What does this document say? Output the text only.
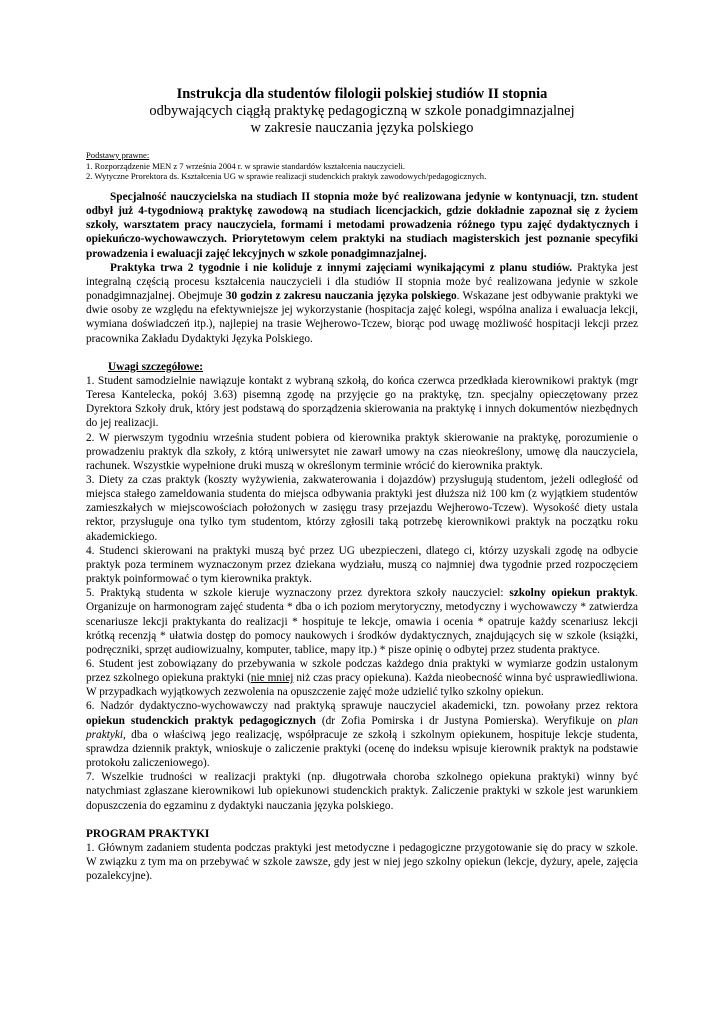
Instrukcja dla studentów filologii polskiej studiów II stopnia
odbywających ciągłą praktykę pedagogiczną w szkole ponadgimnazjalnej
w zakresie nauczania języka polskiego
Podstawy prawne:
1. Rozporządzenie MEN z 7 września 2004 r. w sprawie standardów kształcenia nauczycieli.
2. Wytyczne Prorektora ds. Kształcenia UG w sprawie realizacji studenckich praktyk zawodowych/pedagogicznych.

Specjalność nauczycielska na studiach II stopnia może być realizowana jedynie w kontynuacji, tzn. student odbył już 4-tygodniową praktykę zawodową na studiach licencjackich, gdzie dokładnie zapoznał się z życiem szkoły, warsztatem pracy nauczyciela, formami i metodami prowadzenia różnego typu zajęć dydaktycznych i opiekuńczo-wychowawczych. Priorytetowym celem praktyki na studiach magisterskich jest poznanie specyfiki prowadzenia i ewaluacji zajęć lekcyjnych w szkole ponadgimnazjalnej.

Praktyka trwa 2 tygodnie i nie koliduje z innymi zajęciami wynikającymi z planu studiów. Praktyka jest integralną częścią procesu kształcenia nauczycieli i dla studiów II stopnia może być realizowana jedynie w szkole ponadgimnazjalnej. Obejmuje 30 godzin z zakresu nauczania języka polskiego. Wskazane jest odbywanie praktyki we dwie osoby ze względu na efektywniejsze jej wykorzystanie (hospitacja zajęć kolegi, wspólna analiza i ewaluacja lekcji, wymiana doświadczeń itp.), najlepiej na trasie Wejherowo-Tczew, biorąc pod uwagę możliwość hospitacji lekcji przez pracownika Zakładu Dydaktyki Języka Polskiego.

Uwagi szczegółowe:

1. Student samodzielnie nawiązuje kontakt z wybraną szkołą, do końca czerwca przedkłada kierownikowi praktyk (mgr Teresa Kantelecka, pokój 3.63) pisemną zgodę na przyjęcie go na praktykę, tzn. specjalny opieczętowany przez Dyrektora Szkoły druk, który jest podstawą do sporządzenia skierowania na praktykę i innych dokumentów niezbędnych do jej realizacji.

2. W pierwszym tygodniu września student pobiera od kierownika praktyk skierowanie na praktykę, porozumienie o prowadzeniu praktyk dla szkoły, z którą uniwersytet nie zawarł umowy na czas nieokreślony, umowę dla nauczyciela, rachunek. Wszystkie wypełnione druki muszą w określonym terminie wrócić do kierownika praktyk.

3. Diety za czas praktyk (koszty wyżywienia, zakwaterowania i dojazdów) przysługują studentom, jeżeli odległość od miejsca stałego zameldowania studenta do miejsca odbywania praktyki jest dłuższa niż 100 km (z wyjątkiem studentów zamieszkałych w miejscowościach położonych w zasięgu trasy przejazdu Wejherowo-Tczew). Wysokość diety ustala rektor, przysługuje ona tylko tym studentom, którzy zgłosili taką potrzebę kierownikowi praktyk na początku roku akademickiego.

4. Studenci skierowani na praktyki muszą być przez UG ubezpieczeni, dlatego ci, którzy uzyskali zgodę na odbycie praktyk poza terminem wyznaczonym przez dziekana wydziału, muszą co najmniej dwa tygodnie przed rozpoczęciem praktyk poinformować o tym kierownika praktyk.

5. Praktyką studenta w szkole kieruje wyznaczony przez dyrektora szkoły nauczyciel: szkolny opiekun praktyk. Organizuje on harmonogram zajęć studenta * dba o ich poziom merytoryczny, metodyczny i wychowawczy * zatwierdza scenariusze lekcji praktykanta do realizacji * hospituje te lekcje, omawia i ocenia * opatruje każdy scenariusz lekcji krótką recenzją * ułatwia dostęp do pomocy naukowych i środków dydaktycznych, znajdujących się w szkole (książki, podręczniki, sprzęt audiowizualny, komputer, tablice, mapy itp.) * pisze opinię o odbytej przez studenta praktyce.

6. Student jest zobowiązany do przebywania w szkole podczas każdego dnia praktyki w wymiarze godzin ustalonym przez szkolnego opiekuna praktyki (nie mniej niż czas pracy opiekuna). Każda nieobecność winna być usprawiedliwiona. W przypadkach wyjątkowych zezwolenia na opuszczenie zajęć może udzielić tylko szkolny opiekun.

6. Nadzór dydaktyczno-wychowawczy nad praktyką sprawuje nauczyciel akademicki, tzn. powołany przez rektora opiekun studenckich praktyk pedagogicznych (dr Zofia Pomirska i dr Justyna Pomierska). Weryfikuje on plan praktyki, dba o właściwą jego realizację, współpracuje ze szkołą i szkolnym opiekunem, hospituje lekcje studenta, sprawdza dziennik praktyk, wnioskuje o zaliczenie praktyki (ocenę do indeksu wpisuje kierownik praktyk na podstawie protokołu zaliczeniowego).

7. Wszelkie trudności w realizacji praktyki (np. długotrwała choroba szkolnego opiekuna praktyki) winny być natychmiast zgłaszane kierownikowi lub opiekunowi studenckich praktyk. Zaliczenie praktyki w szkole jest warunkiem dopuszczenia do egzaminu z dydaktyki nauczania języka polskiego.

PROGRAM PRAKTYKI

1. Głównym zadaniem studenta podczas praktyki jest metodyczne i pedagogiczne przygotowanie się do pracy w szkole. W związku z tym ma on przebywać w szkole zawsze, gdy jest w niej jego szkolny opiekun (lekcje, dyżury, apele, zajęcia pozalekcyjne).
